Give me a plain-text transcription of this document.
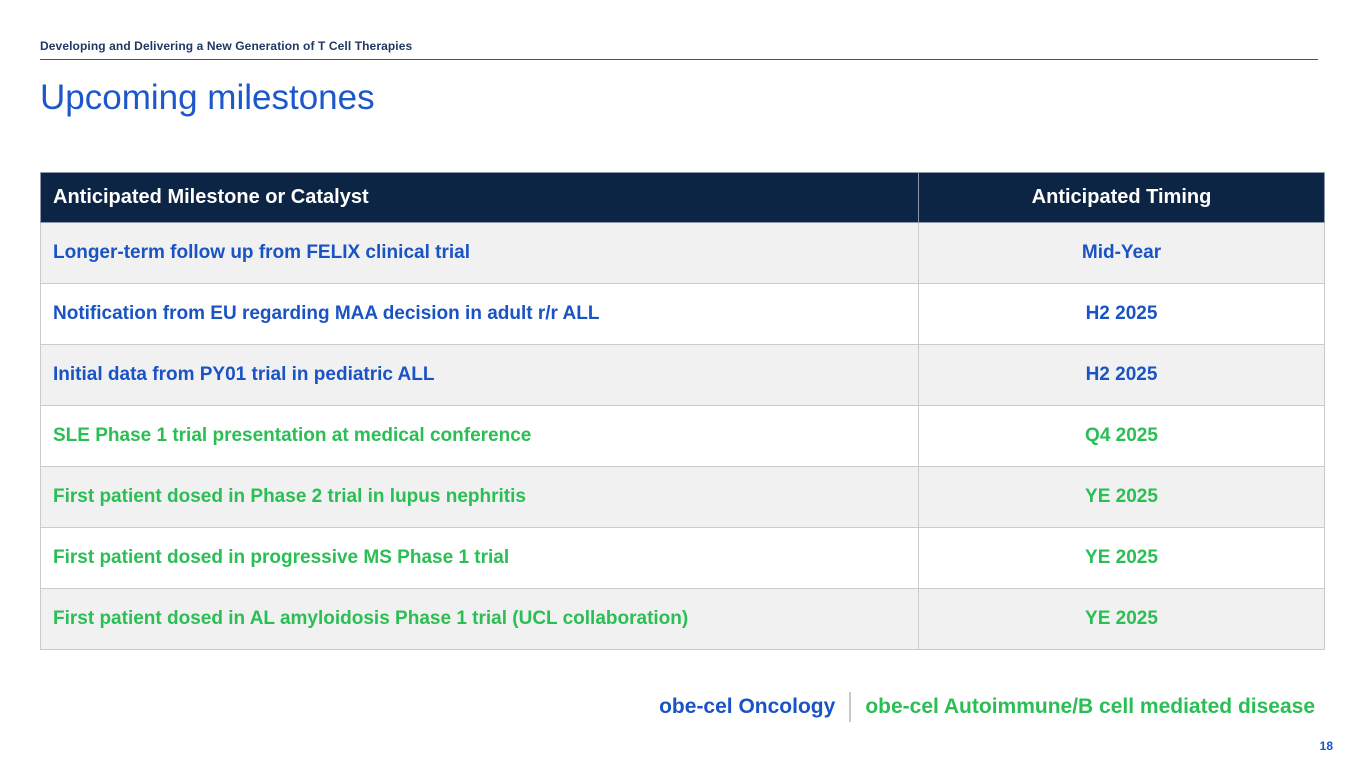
Developing and Delivering a New Generation of T Cell Therapies
Upcoming milestones
Anticipated Milestone or Catalyst	Anticipated Timing
Longer-term follow up from FELIX clinical trial	Mid-Year
Notification from EU regarding MAA decision in adult r/r ALL	H2 2025
Initial data from PY01 trial in pediatric ALL	H2 2025
SLE Phase 1 trial presentation at medical conference	Q4 2025
First patient dosed in Phase 2 trial in lupus nephritis	YE 2025
First patient dosed in progressive MS Phase 1 trial	YE 2025
First patient dosed in AL amyloidosis Phase 1 trial (UCL collaboration)	YE 2025
obe-cel Oncology obe-cel Autoimmune/B cell mediated disease
18
